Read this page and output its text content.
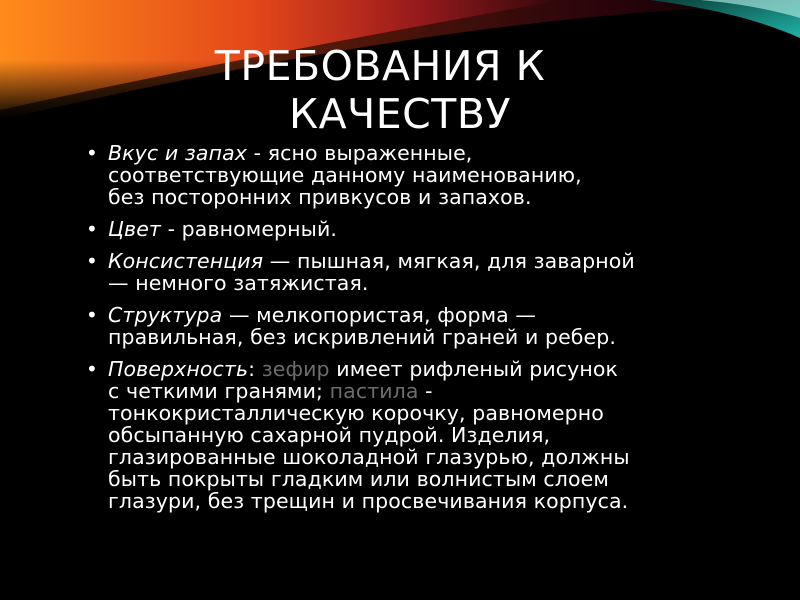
ТРЕБОВАНИЯ К
КАЧЕСТВУ
• Вкус и запах - ясно выраженные,
соответствующие данному наименованию,
без посторонних привкусов и запахов.
• Цвет - равномерный.
• Консистенция — пышная, мягкая, для заварной
— немного затяжистая.
• Структура — мелкопористая, форма —
правильная, без искривлений граней и ребер.
• Поверхность: зефир имеет рифленый рисунок
с четкими гранями; пастила -
тонкокристаллическую корочку, равномерно
обсыпанную сахарной пудрой. Изделия,
глазированные шоколадной глазурью, должны
быть покрыты гладким или волнистым слоем
глазури, без трещин и просвечивания корпуса.
